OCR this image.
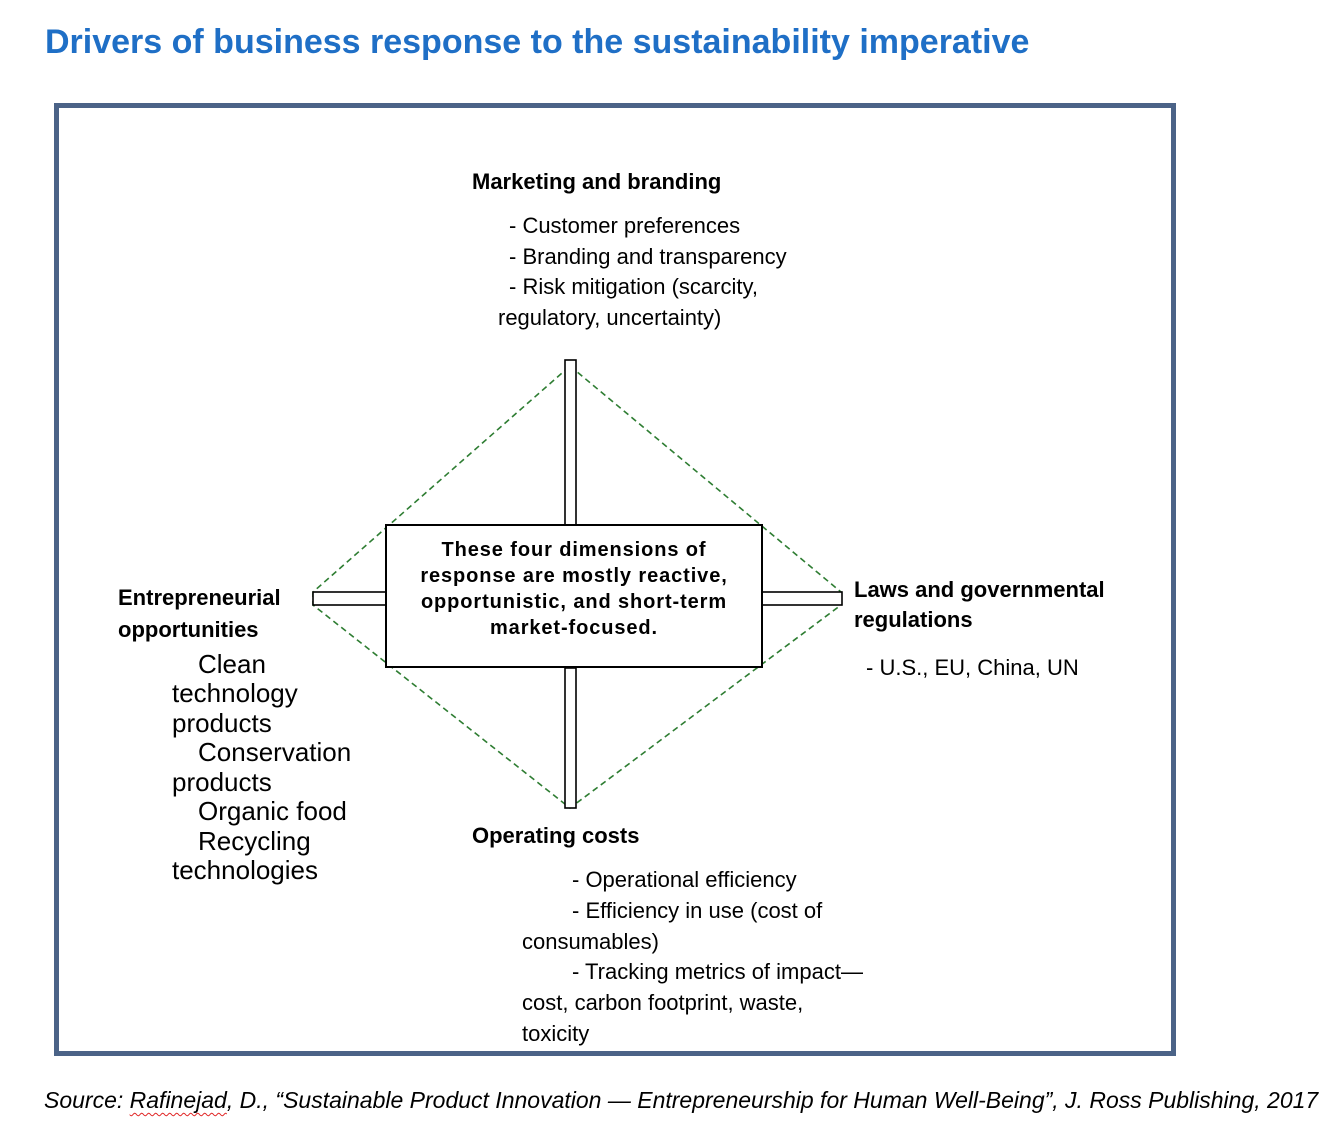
Drivers of business response to the sustainability imperative

These four dimensions of response are mostly reactive, opportunistic, and short-term market-focused.

Marketing and branding
- Customer preferences
- Branding and transparency
- Risk mitigation (scarcity, regulatory, uncertainty)
Entrepreneurial opportunities
Clean technology products
Conservation products
Organic food
Recycling technologies
Laws and governmental regulations
- U.S., EU, China, UN
Operating costs
- Operational efficiency
- Efficiency in use (cost of
consumables)
- Tracking metrics of impact—
cost, carbon footprint, waste,
toxicity

Source: Rafinejad, D., “Sustainable Product Innovation — Entrepreneurship for Human Well-Being”, J. Ross Publishing, 2017
